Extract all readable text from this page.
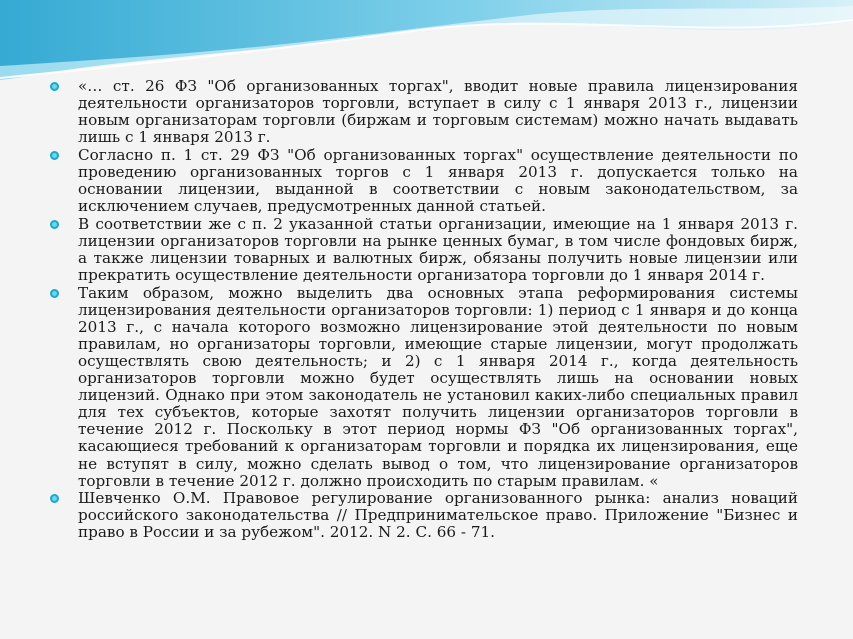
«… ст. 26 ФЗ "Об организованных торгах", вводит новые правила лицензирования деятельности организаторов торговли, вступает в силу с 1 января 2013 г., лицензии новым организаторам торговли (биржам и торговым системам) можно начать выдавать лишь с 1 января 2013 г.
Согласно п. 1 ст. 29 ФЗ "Об организованных торгах" осуществление деятельности по проведению организованных торгов с 1 января 2013 г. допускается только на основании лицензии, выданной в соответствии с новым законодательством, за исключением случаев, предусмотренных данной статьей.
В соответствии же с п. 2 указанной статьи организации, имеющие на 1 января 2013 г. лицензии организаторов торговли на рынке ценных бумаг, в том числе фондовых бирж, а также лицензии товарных и валютных бирж, обязаны получить новые лицензии или прекратить осуществление деятельности организатора торговли до 1 января 2014 г.
Таким образом, можно выделить два основных этапа реформирования системы лицензирования деятельности организаторов торговли: 1) период с 1 января и до конца 2013 г., с начала которого возможно лицензирование этой деятельности по новым правилам, но организаторы торговли, имеющие старые лицензии, могут продолжать осуществлять свою деятельность; и 2) с 1 января 2014 г., когда деятельность организаторов торговли можно будет осуществлять лишь на основании новых лицензий. Однако при этом законодатель не установил каких-либо специальных правил для тех субъектов, которые захотят получить лицензии организаторов торговли в течение 2012 г. Поскольку в этот период нормы ФЗ "Об организованных торгах", касающиеся требований к организаторам торговли и порядка их лицензирования, еще не вступят в силу, можно сделать вывод о том, что лицензирование организаторов торговли в течение 2012 г. должно происходить по старым правилам. «
Шевченко О.М. Правовое регулирование организованного рынка: анализ новаций российского законодательства // Предпринимательское право. Приложение "Бизнес и право в России и за рубежом". 2012. N 2. С. 66 - 71.
